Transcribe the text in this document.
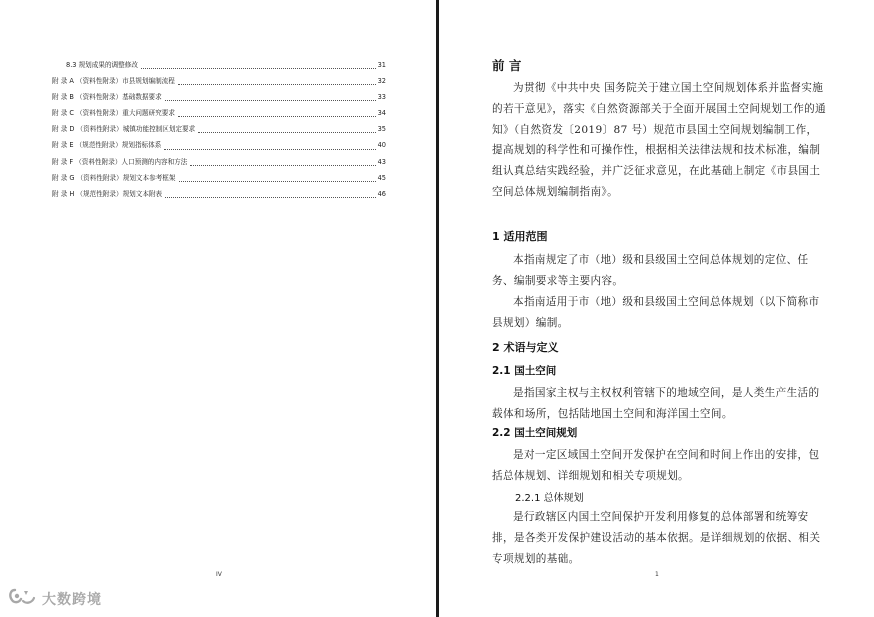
8.3 规划成果的调整修改	31
附 录 A （资料性附录）市县规划编制流程	32
附 录 B （资料性附录）基础数据要求	33
附 录 C （资料性附录）重大问题研究要求	34
附 录 D （资料性附录）城镇功能控制区划定要求	35
附 录 E （规范性附录）规划指标体系	40
附 录 F （资料性附录）人口预测的内容和方法	43
附 录 G （资料性附录）规划文本参考框架	45
附 录 H （规范性附录）规划文本附表	46
IV
前 言
为贯彻《中共中央 国务院关于建立国土空间规划体系并监督实施的若干意见》，落实《自然资源部关于全面开展国土空间规划工作的通知》（自然资发〔2019〕87 号）规范市县国土空间规划编制工作，提高规划的科学性和可操作性，根据相关法律法规和技术标准，编制组认真总结实践经验，并广泛征求意见，在此基础上制定《市县国土空间总体规划编制指南》。
1 适用范围
本指南规定了市（地）级和县级国土空间总体规划的定位、任务、编制要求等主要内容。
本指南适用于市（地）级和县级国土空间总体规划（以下简称市县规划）编制。
2 术语与定义
2.1 国土空间
是指国家主权与主权权利管辖下的地域空间，是人类生产生活的载体和场所，包括陆地国土空间和海洋国土空间。
2.2 国土空间规划
是对一定区域国土空间开发保护在空间和时间上作出的安排，包括总体规划、详细规划和相关专项规划。
2.2.1 总体规划
是行政辖区内国土空间保护开发利用修复的总体部署和统筹安排，是各类开发保护建设活动的基本依据。是详细规划的依据、相关专项规划的基础。
1
大数跨境
